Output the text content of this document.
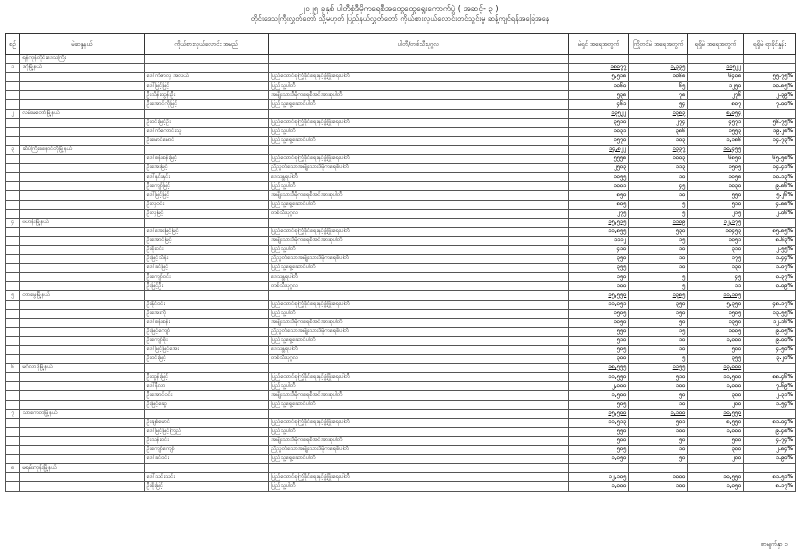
၂၀၂၅ ခုနှစ် ပါတီစုံဒီမိုကရေစီအထွေထွေရွေးကောက်ပွဲ ( အဆင့်- ၃ )
တိုင်းဒေသကြီးလွှတ်တော် သို့မဟုတ် ပြည်နယ်လွှတ်တော် ကိုယ်စားလှယ်လောင်းတင်သွင်းမှု ဆန့်ကျင်ရန်အခြေအနေ
စဉ်	မဲဆန္ဒနယ်	ကိုယ်စားလှယ်လောင်း အမည်	ပါတီ/တစ်သီးပုဂ္ဂလ	မဲရှင် အရေအတွက်	ကြိုတင်မဲ အရေအတွက်	ရရှိမဲ အရေအတွက်	ရရှိမဲ ရာခိုင်နှုန်း
	ရန်ကုန်တိုင်းဒေသကြီး						
၁	ဒဂုံမြို့နယ်			၁၈၀၇၇	၁,၃၃၅	၁၁၅၂၂	
		ဒေါ်ကံဇာလှ အလယ်	ပြည်ထောင်စုကြံ့ခိုင်ရေးနှင့်ဖွံ့ဖြိုးရေးပါတီ	၅,၅၁၈	၁၀၆၈	၆၄၀၈	၅၅.၇၅%
		ဒေါ်မြင့်မြင့်	ပြည်သူ့ပါတီ	၁၀၆၀	၆၅	၁၂၅၀	၁၀.၈၅%
		ဦးသိန်းထွန်းဦး	အမျိုးသားဒီမိုကရေစီအင်အားစုပါတီ	၅၃၈	၇၈	၂၇၆	၂.၃၉%
		ဦးအောင်ကိုမြင့်	ပြည်သူ့ရှေ့ဆောင်ပါတီ	၄၆၁	၅၄	၈၀၇	၇.၀၀%
၂	လမ်းမတော်မြို့နယ်			၁၃၅၂၂	၁၃၈၃	၈,၀၅၄	
		ဦးဝင်းမြင့်ဦး	ပြည်ထောင်စုကြံ့ခိုင်ရေးနှင့်ဖွံ့ဖြိုးရေးပါတီ	၃၅၁၀	၂၇၄	၄၅၇၁	၅၆.၇၅%
		ဒေါ်ကံကောင်းသူ	ပြည်သူ့ပါတီ	၁၀၃၁	၃၈၆	၁၅၅၃	၁၉.၂၈%
		ဦးမောင်မောင်	ပြည်သူ့ရှေ့ဆောင်ပါတီ	၁၅၇၀	၁၀၃	၁,၁၈၆	၁၄.၇၃%
၃	ဆိပ်ကြီးခနောင်တိုမြို့နယ်			၁၄,၈၂၂	၁၃၃၇	၁၀,၄၅၅	
		ဒေါ်စန်းစန်းမြင့်	ပြည်ထောင်စုကြံ့ခိုင်ရေးနှင့်ဖွံ့ဖြိုးရေးပါတီ	၅၅၅၈	၁၀၀၃	၆၈၅၀	၆၅.၅၈%
		ဦးအေးမြင့်	ညီညွတ်သောအမျိုးသားဒီမိုကရေစီပါတီ	၂၅၀၃	၁၁၃	၁၅၀၅	၁၄.၄၁%
		ဒေါ်နှင်းနှင်း	ဒေသန္တရပါတီ	၁၀၅၅	၁၀	၁၀၅၈	၁၀.၁၃%
		ဦးကျော်မြင့်	ပြည်သူ့ပါတီ	၁၀၀၁	၄၅	၁၀၃၀	၉.၈၆%
		ဒေါ်မြင့်မြင့်	အမျိုးသားဒီမိုကရေစီအင်အားစုပါတီ	၈၅၀	၁၀	၅၅၀	၅.၂၆%
		ဦးလှဝင်း	ပြည်သူ့ရှေ့ဆောင်ပါတီ	၈၀၅	၅	၅၁၀	၄.၈၈%
		ဦးလှမြင့်	တစ်သီးပုဂ္ဂလ	၂၇၅	၅	၂၁၅	၂.၀၆%
၄	ဗဟန်းမြို့နယ်			၁၅,၅၁၅	၁၁၀၉	၁၂,၁၇၅	
		ဒေါ်အေးမြင့်မြင့်	ပြည်ထောင်စုကြံ့ခိုင်ရေးနှင့်ဖွံ့ဖြိုးရေးပါတီ	၁၁,၈၅၅	၅၃၀	၁၀၄၅၃	၈၅.၈၅%
		ဦးအောင်မြင့်	အမျိုးသားဒီမိုကရေစီအင်အားစုပါတီ	၁၁၁၂	၁၅	၁၀၅၁	၈.၆၃%
		ဦးစိုးဝင်း	ပြည်သူ့ပါတီ	၄၁၀	၁၀	၃၁၀	၂.၅၅%
		ဦးမြင့်သိန်း	ညီညွတ်သောအမျိုးသားဒီမိုကရေစီပါတီ	၃၅၀	၁၀	၁၇၅	၁.၄၄%
		ဒေါ်ခင်မြင့်	ပြည်သူ့ရှေ့ဆောင်ပါတီ	၃၅၅	၁၀	၁၃၀	၁.၀၇%
		ဦးကျော်ဝင်း	ဒေသန္တရပါတီ	၁၅၀	၅	၄၅	၀.၃၇%
		ဦးမြင့်ဦး	တစ်သီးပုဂ္ဂလ	၁၀၀	၅	၁၁	၀.၀၉%
၅	တာမွေမြို့နယ်			၁၅,၅၅၀	၁၃၈၅	၁၁,၁၀၅	
		ဦးနိုင်ဝင်း	ပြည်ထောင်စုကြံ့ခိုင်ရေးနှင့်ဖွံ့ဖြိုးရေးပါတီ	၁၁,၀၅၁	၃၅၀	၅,၃၅၀	၄၈.၁၇%
		ဦးအေးကို	ပြည်သူ့ပါတီ	၁၅၀၅	၁၅၀	၁၅၀၅	၁၃.၅၅%
		ဒေါ်စန်းစန်း	အမျိုးသားဒီမိုကရေစီအင်အားစုပါတီ	၁၀၅၀	၅၀	၁၃၅၀	၁၂.၁၆%
		ဦးမြင့်ကျော်	ညီညွတ်သောအမျိုးသားဒီမိုကရေစီပါတီ	၅၅၀	၁၅	၁၀၀၅	၉.၀၅%
		ဦးကျော်စိုး	ပြည်သူ့ရှေ့ဆောင်ပါတီ	၅၁၀	၁၀	၁,၀၀၀	၉.၀၀%
		ဒေါ်မြင့်မြင့်အေး	ဒေသန္တရပါတီ	၅၀၅	၁၀	၅၀၀	၄.၅၀%
		ဦးဝင်းမြင့်	တစ်သီးပုဂ္ဂလ	၃၀၀	၅	၃၅၅	၃.၂၀%
၆	မင်္ဂလာဒုံမြို့နယ်			၁၈,၅၅၅	၁၁၅၅	၁၃,၀၀၀	
		ဦးထွန်းမြင့်	ပြည်ထောင်စုကြံ့ခိုင်ရေးနှင့်ဖွံ့ဖြိုးရေးပါတီ	၁၁,၅၅၀	၅၁၀	၁၁,၅၀၀	၈၈.၄၆%
		ဒေါ်နီလာ	ပြည်သူ့ပါတီ	၂,၀၀၀	၁၀၀	၁,၀၀၀	၇.၆၉%
		ဦးအောင်ဝင်း	အမျိုးသားဒီမိုကရေစီအင်အားစုပါတီ	၁,၅၀၀	၅၀	၃၀၀	၂.၃၁%
		ဦးမြင့်ဆွေ	ပြည်သူ့ရှေ့ဆောင်ပါတီ	၅၀၅	၁၀	၂၀၀	၁.၅၄%
၇	သာကေတမြို့နယ်			၁၅,၅၀၀	၁,၁၀၀	၁၀,၅၅၀	
		ဦးချစ်မောင်	ပြည်ထောင်စုကြံ့ခိုင်ရေးနှင့်ဖွံ့ဖြိုးရေးပါတီ	၁၁,၅၁၃	၅၀၁	၈,၅၅၀	၈၁.၀၄%
		ဒေါ်မြင့်မြင့်ကြည်	ပြည်သူ့ပါတီ	၅၅၀	၁၀၀	၁,၀၀၀	၉.၄၈%
		ဦးသန်းဝင်း	အမျိုးသားဒီမိုကရေစီအင်အားစုပါတီ	၅၀၀	၅၀	၅၀၀	၄.၇၄%
		ဦးကျော်ကျော်	ညီညွတ်သောအမျိုးသားဒီမိုကရေစီပါတီ	၅၀၅	၁၀	၃၀၀	၂.၈၄%
		ဒေါ်ခင်ဝင်း	ပြည်သူ့ရှေ့ဆောင်ပါတီ	၁,၀၅၀	၅၀	၂၀၀	၁.၉၀%
၈	မရမ်းကုန်းမြို့နယ်						
		ဒေါ်သင်းသင်း	ပြည်ထောင်စုကြံ့ခိုင်ရေးနှင့်ဖွံ့ဖြိုးရေးပါတီ	၁၂,၁၀၅	၁၀၀၀	၁၀,၅၅၀	၈၁.၅၁%
		ဦးစိုးမြင့်	ပြည်သူ့ပါတီ	၁,၀၀၀	၁၀၀	၁,၀၅၀	၈.၁၇%
စာမျက်နှာ ၁
